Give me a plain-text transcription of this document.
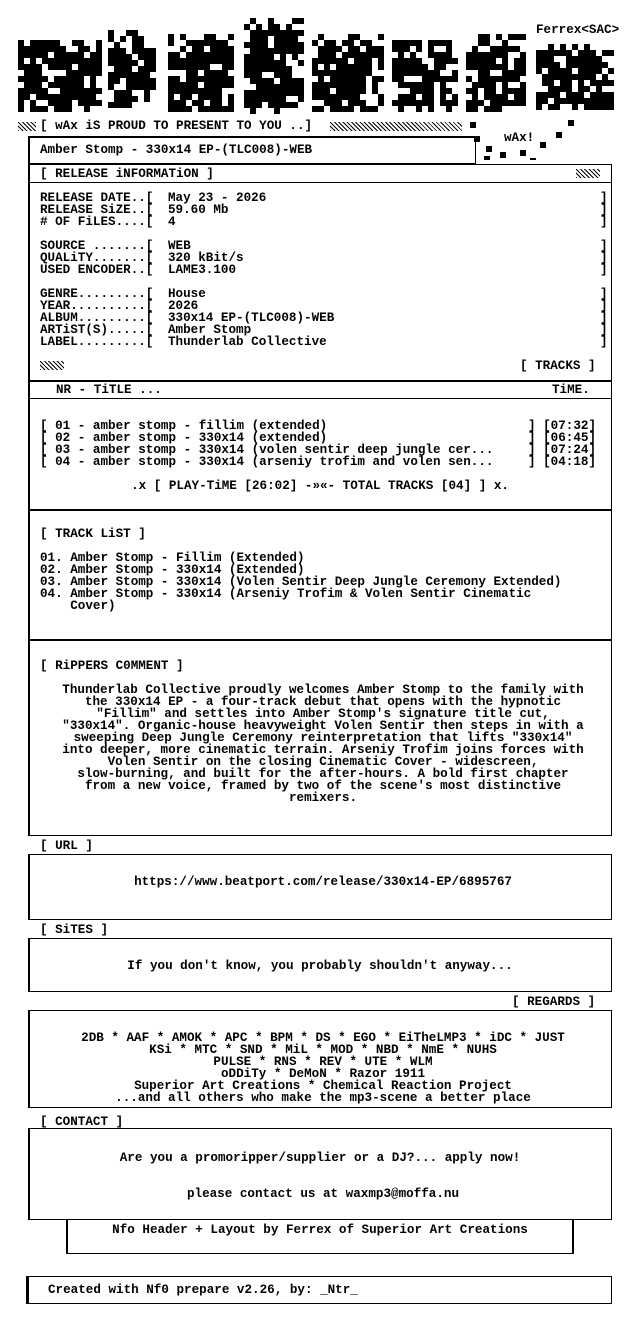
Ferrex<SAC>
[ wAx iS PROUD TO PRESENT TO YOU ..]
wAx!
Amber Stomp - 330x14 EP-(TLC008)-WEB
[ RELEASE iNFORMATiON ]
RELEASE DATE..[ May 23 - 2026
RELEASE SiZE..[ 59.60 Mb
# OF FiLES....[ 4
SOURCE .......[ WEB
QUALiTY.......[ 320 kBit/s
USED ENCODER..[ LAME3.100
GENRE.........[ House
YEAR..........[ 2026
ALBUM.........[ 330x14 EP-(TLC008)-WEB
ARTiST(S).....[ Amber Stomp
LABEL.........[ Thunderlab Collective
]
]
]
]
]
]
]
]
]
]
]
[ TRACKS ]
NR - TiTLE ...	TiME.
[ 01 - amber stomp - fillim (extended)	] [07:32]
[ 02 - amber stomp - 330x14 (extended)	] [06:45]
[ 03 - amber stomp - 330x14 (volen sentir deep jungle cer...	] [07:24]
[ 04 - amber stomp - 330x14 (arseniy trofim and volen sen...	] [04:18]
.x [ PLAY-TiME [26:02] -»«- TOTAL TRACKS [04] ] x.
[ TRACK LiST ]
01. Amber Stomp - Fillim (Extended)
02. Amber Stomp - 330x14 (Extended)
03. Amber Stomp - 330x14 (Volen Sentir Deep Jungle Ceremony Extended)
04. Amber Stomp - 330x14 (Arseniy Trofim & Volen Sentir Cinematic
Cover)
[ RiPPERS C0MMENT ]
Thunderlab Collective proudly welcomes Amber Stomp to the family with
the 330x14 EP - a four-track debut that opens with the hypnotic
"Fillim" and settles into Amber Stomp's signature title cut,
"330x14". Organic-house heavyweight Volen Sentir then steps in with a
sweeping Deep Jungle Ceremony reinterpretation that lifts "330x14"
into deeper, more cinematic terrain. Arseniy Trofim joins forces with
Volen Sentir on the closing Cinematic Cover - widescreen,
slow-burning, and built for the after-hours. A bold first chapter
from a new voice, framed by two of the scene's most distinctive
remixers.
[ URL ]
https://www.beatport.com/release/330x14-EP/6895767
[ SiTES ]
If you don't know, you probably shouldn't anyway...
[ REGARDS ]
2DB * AAF * AMOK * APC * BPM * DS * EGO * EiTheLMP3 * iDC * JUST
KSi * MTC * SND * MiL * MOD * NBD * NmE * NUHS
PULSE * RNS * REV * UTE * WLM
oDDiTy * DeMoN * Razor 1911
Superior Art Creations * Chemical Reaction Project
...and all others who make the mp3-scene a better place
[ CONTACT ]
Are you a promoripper/supplier or a DJ?... apply now!
please contact us at waxmp3@moffa.nu
Nfo Header + Layout by Ferrex of Superior Art Creations
Created with Nf0 prepare v2.26, by: _Ntr_
